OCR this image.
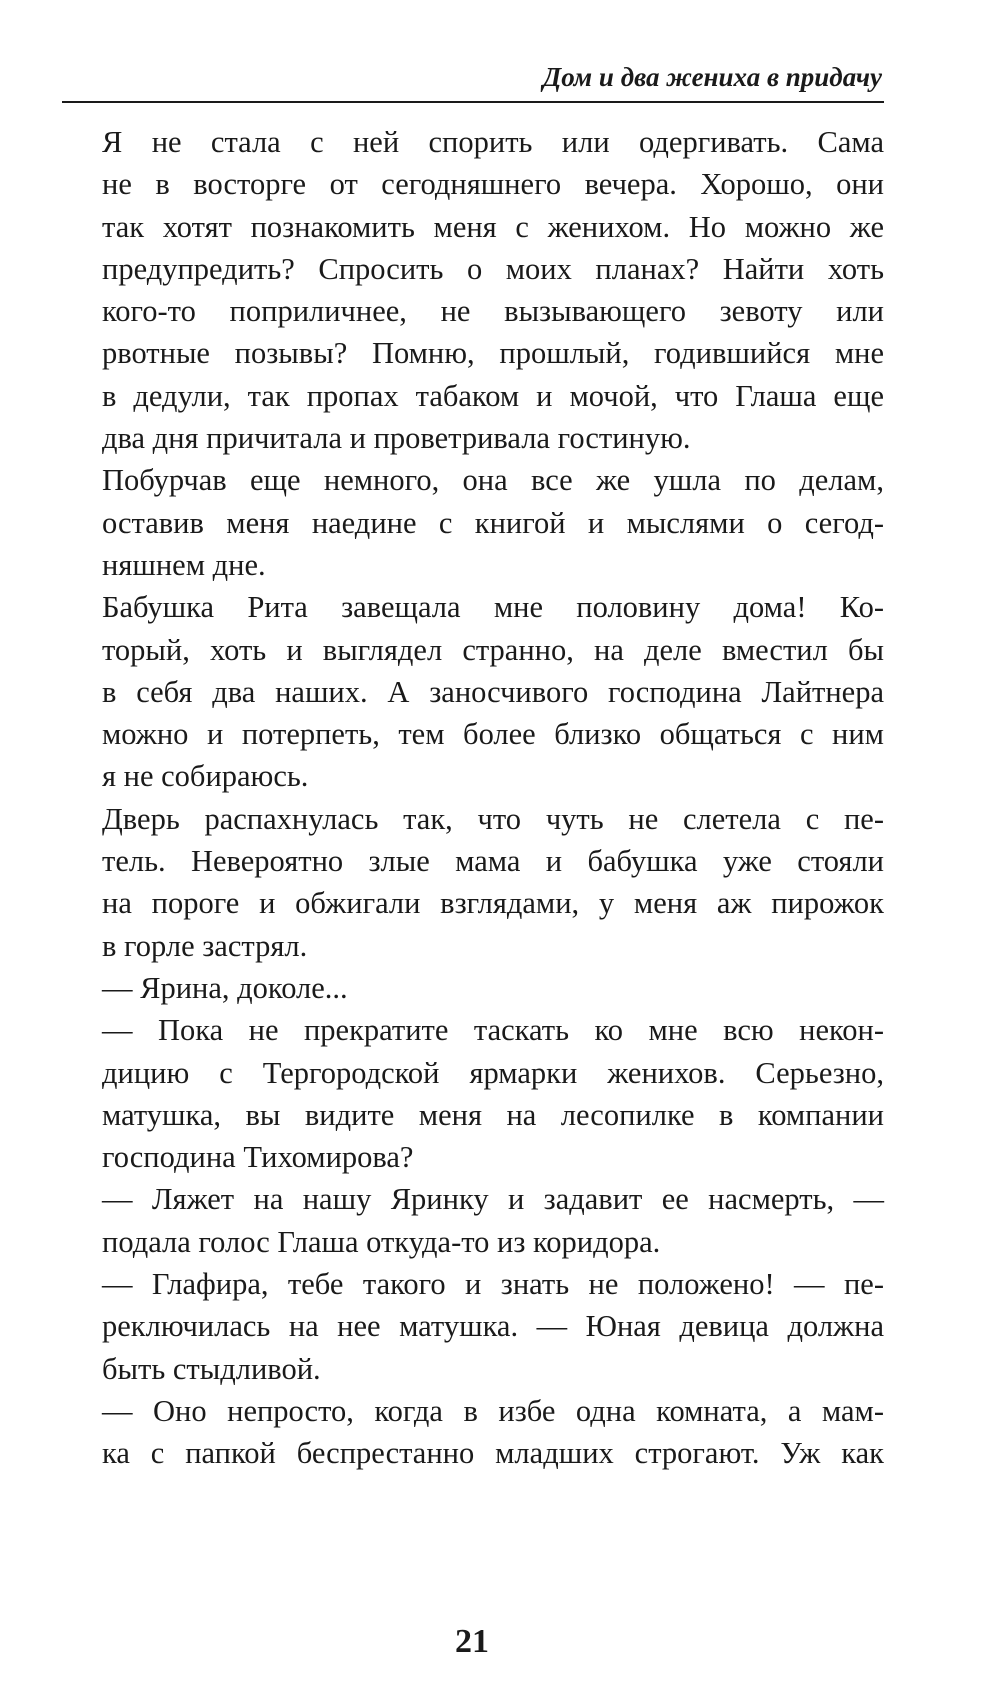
Дом и два жениха в придачу

Я не стала с ней спорить или одергивать. Сама
не в восторге от сегодняшнего вечера. Хорошо, они
так хотят познакомить меня с женихом. Но можно же
предупредить? Спросить о моих планах? Найти хоть
кого-то поприличнее, не вызывающего зевоту или
рвотные позывы? Помню, прошлый, годившийся мне
в дедули, так пропах табаком и мочой, что Глаша еще
два дня причитала и проветривала гостиную.

Побурчав еще немного, она все же ушла по делам,
оставив меня наедине с книгой и мыслями о сегод-
няшнем дне.

Бабушка Рита завещала мне половину дома! Ко-
торый, хоть и выглядел странно, на деле вместил бы
в себя два наших. А заносчивого господина Лайтнера
можно и потерпеть, тем более близко общаться с ним
я не собираюсь.

Дверь распахнулась так, что чуть не слетела с пе-
тель. Невероятно злые мама и бабушка уже стояли
на пороге и обжигали взглядами, у меня аж пирожок
в горле застрял.

— Ярина, доколе...

— Пока не прекратите таскать ко мне всю некон-
дицию с Тергородской ярмарки женихов. Серьезно,
матушка, вы видите меня на лесопилке в компании
господина Тихомирова?

— Ляжет на нашу Яринку и задавит ее насмерть, —
подала голос Глаша откуда-то из коридора.

— Глафира, тебе такого и знать не положено! — пе-
реключилась на нее матушка. — Юная девица должна
быть стыдливой.

— Оно непросто, когда в избе одна комната, а мам-
ка с папкой беспрестанно младших строгают. Уж как

21
